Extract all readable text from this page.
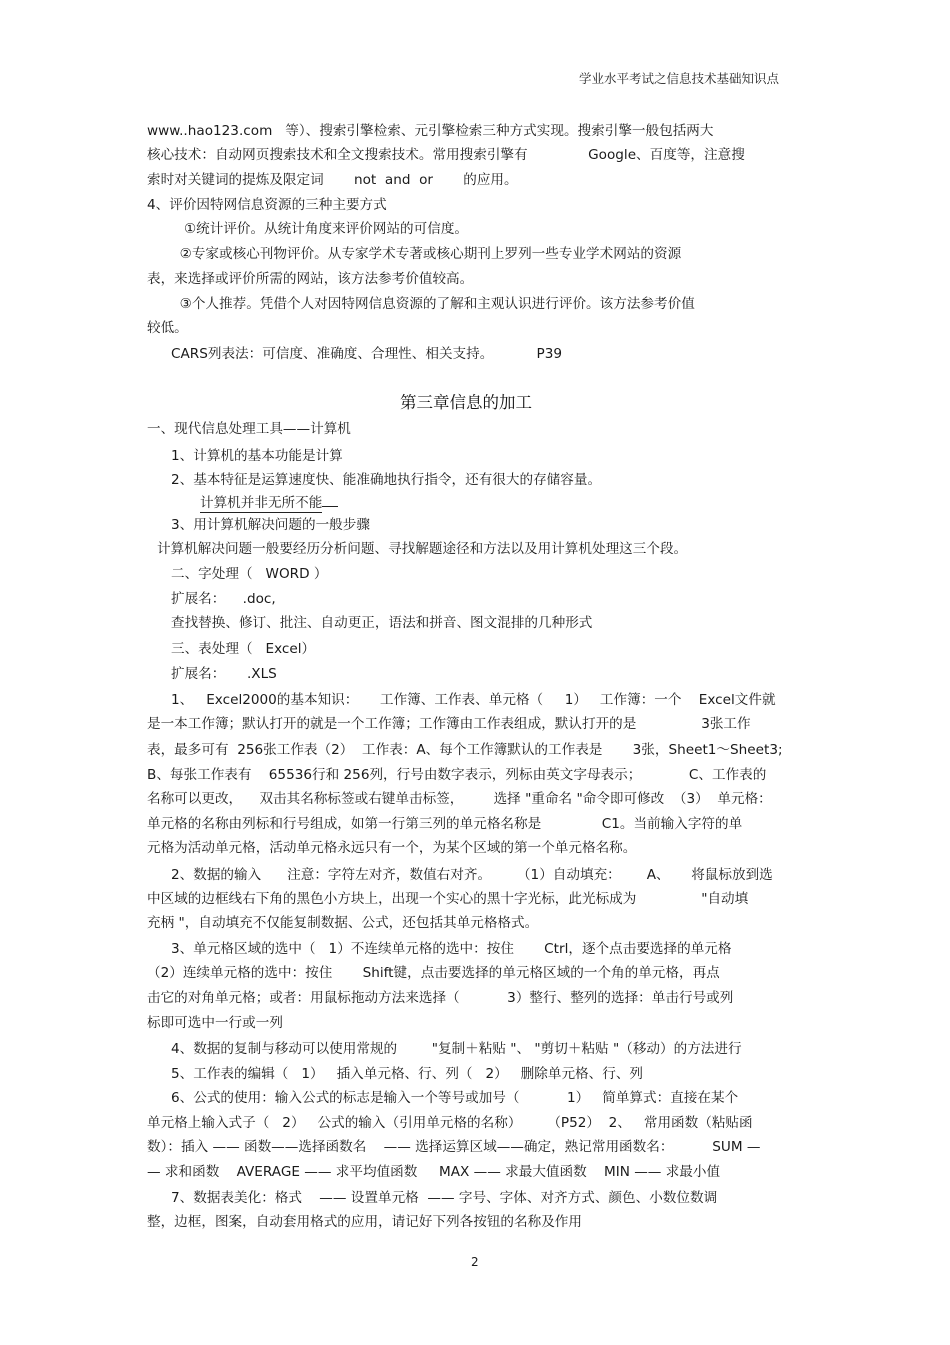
学业水平考试之信息技术基础知识点
www..hao123.com   等）、搜索引擎检索、元引擎检索三种方式实现。搜索引擎一般包括两大
核心技术：自动网页搜索技术和全文搜索技术。常用搜索引擎有              Google、百度等，注意搜
索时对关键词的提炼及限定词       not  and  or       的应用。
4、评价因特网信息资源的三种主要方式
①统计评价。从统计角度来评价网站的可信度。
②专家或核心刊物评价。从专家学术专著或核心期刊上罗列一些专业学术网站的资源
表，来选择或评价所需的网站，该方法参考价值较高。
③个人推荐。凭借个人对因特网信息资源的了解和主观认识进行评价。该方法参考价值
较低。
CARS列表法：可信度、准确度、合理性、相关支持。          P39
第三章信息的加工
一、现代信息处理工具——计算机
1、计算机的基本功能是计算
2、基本特征是运算速度快、能准确地执行指令，还有很大的存储容量。
计算机并非无所不能
3、用计算机解决问题的一般步骤
计算机解决问题一般要经历分析问题、寻找解题途径和方法以及用计算机处理这三个段。
二、字处理（   WORD ）
扩展名：    .doc,
查找替换、修订、批注、自动更正，语法和拼音、图文混排的几种形式
三、表处理（   Excel）
扩展名：     .XLS
1、   Excel2000的基本知识：     工作簿、工作表、单元格（     1）   工作簿：一个    Excel文件就
是一本工作簿；默认打开的就是一个工作簿；工作簿由工作表组成，默认打开的是               3张工作
表，最多可有  256张工作表（2）  工作表：A、每个工作簿默认的工作表是       3张，Sheet1～Sheet3;
B、每张工作表有    65536行和 256列，行号由数字表示，列标由英文字母表示；           C、工作表的
名称可以更改，    双击其名称标签或右键单击标签，       选择 "重命名 "命令即可修改  （3）  单元格：
单元格的名称由列标和行号组成，如第一行第三列的单元格名称是              C1。当前输入字符的单
元格为活动单元格，活动单元格永远只有一个，为某个区域的第一个单元格名称。
2、数据的输入      注意：字符左对齐，数值右对齐。      （1）自动填充：      A、     将鼠标放到选
中区域的边框线右下角的黑色小方块上，出现一个实心的黑十字光标，此光标成为               "自动填
充柄 "，自动填充不仅能复制数据、公式，还包括其单元格格式。
3、单元格区域的选中（   1）不连续单元格的选中：按住       Ctrl，逐个点击要选择的单元格
（2）连续单元格的选中：按住       Shift键，点击要选择的单元格区域的一个角的单元格，再点
击它的对角单元格；或者：用鼠标拖动方法来选择（           3）整行、整列的选择：单击行号或列
标即可选中一行或一列
4、数据的复制与移动可以使用常规的        "复制＋粘贴 "、 "剪切＋粘贴 "（移动）的方法进行
5、工作表的编辑（   1）   插入单元格、行、列（   2）   删除单元格、行、列
6、公式的使用：输入公式的标志是输入一个等号或加号（           1）   简单算式：直接在某个
单元格上输入式子（   2）   公式的输入（引用单元格的名称）      （P52）  2、   常用函数（粘贴函
数）：插入 —— 函数——选择函数名    —— 选择运算区域——确定，熟记常用函数名：         SUM —
— 求和函数    AVERAGE —— 求平均值函数     MAX —— 求最大值函数    MIN —— 求最小值
7、数据表美化：格式    —— 设置单元格  —— 字号、字体、对齐方式、颜色、小数位数调
整，边框，图案，自动套用格式的应用，请记好下列各按钮的名称及作用
2
